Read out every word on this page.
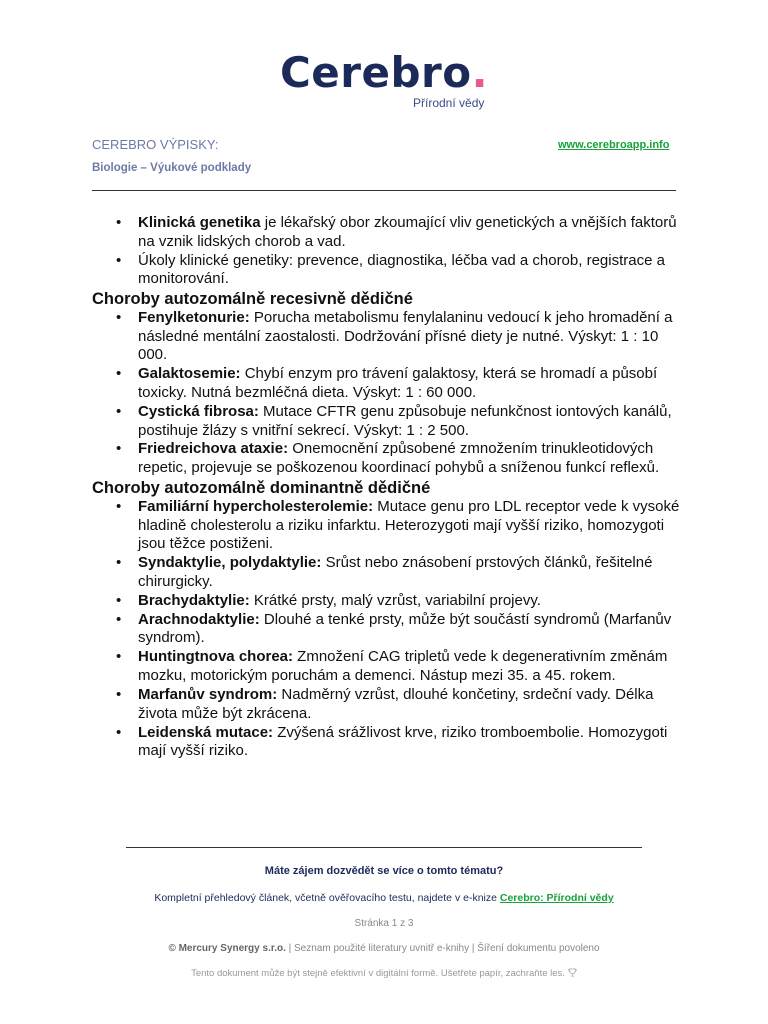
Cerebro.
Přírodní vědy
CEREBRO VÝPISKY:
Biologie – Výukové podklady
www.cerebroapp.info
• Klinická genetika je lékařský obor zkoumající vliv genetických a vnějších faktorů na vznik lidských chorob a vad.
• Úkoly klinické genetiky: prevence, diagnostika, léčba vad a chorob, registrace a monitorování.
Choroby autozomálně recesivně dědičné
• Fenylketonurie: Porucha metabolismu fenylalaninu vedoucí k jeho hromadění a následné mentální zaostalosti. Dodržování přísné diety je nutné. Výskyt: 1 : 10 000.
• Galaktosemie: Chybí enzym pro trávení galaktosy, která se hromadí a působí toxicky. Nutná bezmléčná dieta. Výskyt: 1 : 60 000.
• Cystická fibrosa: Mutace CFTR genu způsobuje nefunkčnost iontových kanálů, postihuje žlázy s vnitřní sekrecí. Výskyt: 1 : 2 500.
• Friedreichova ataxie: Onemocnění způsobené zmnožením trinukleotidových repetic, projevuje se poškozenou koordinací pohybů a sníženou funkcí reflexů.
Choroby autozomálně dominantně dědičné
• Familiární hypercholesterolemie: Mutace genu pro LDL receptor vede k vysoké hladině cholesterolu a riziku infarktu. Heterozygoti mají vyšší riziko, homozygoti jsou těžce postiženi.
• Syndaktylie, polydaktylie: Srůst nebo znásobení prstových článků, řešitelné chirurgicky.
• Brachydaktylie: Krátké prsty, malý vzrůst, variabilní projevy.
• Arachnodaktylie: Dlouhé a tenké prsty, může být součástí syndromů (Marfanův syndrom).
• Huntingtnova chorea: Zmnožení CAG tripletů vede k degenerativním změnám mozku, motorickým poruchám a demenci. Nástup mezi 35. a 45. rokem.
• Marfanův syndrom: Nadměrný vzrůst, dlouhé končetiny, srdeční vady. Délka života může být zkrácena.
• Leidenská mutace: Zvýšená srážlivost krve, riziko tromboembolie. Homozygoti mají vyšší riziko.
Máte zájem dozvědět se více o tomto tématu?
Kompletní přehledový článek, včetně ověřovacího testu, najdete v e-knize Cerebro: Přírodní vědy
Stránka 1 z 3
© Mercury Synergy s.r.o. | Seznam použité literatury uvnitř e-knihy | Šíření dokumentu povoleno
Tento dokument může být stejně efektivní v digitální formě. Ušetřete papír, zachraňte les.
